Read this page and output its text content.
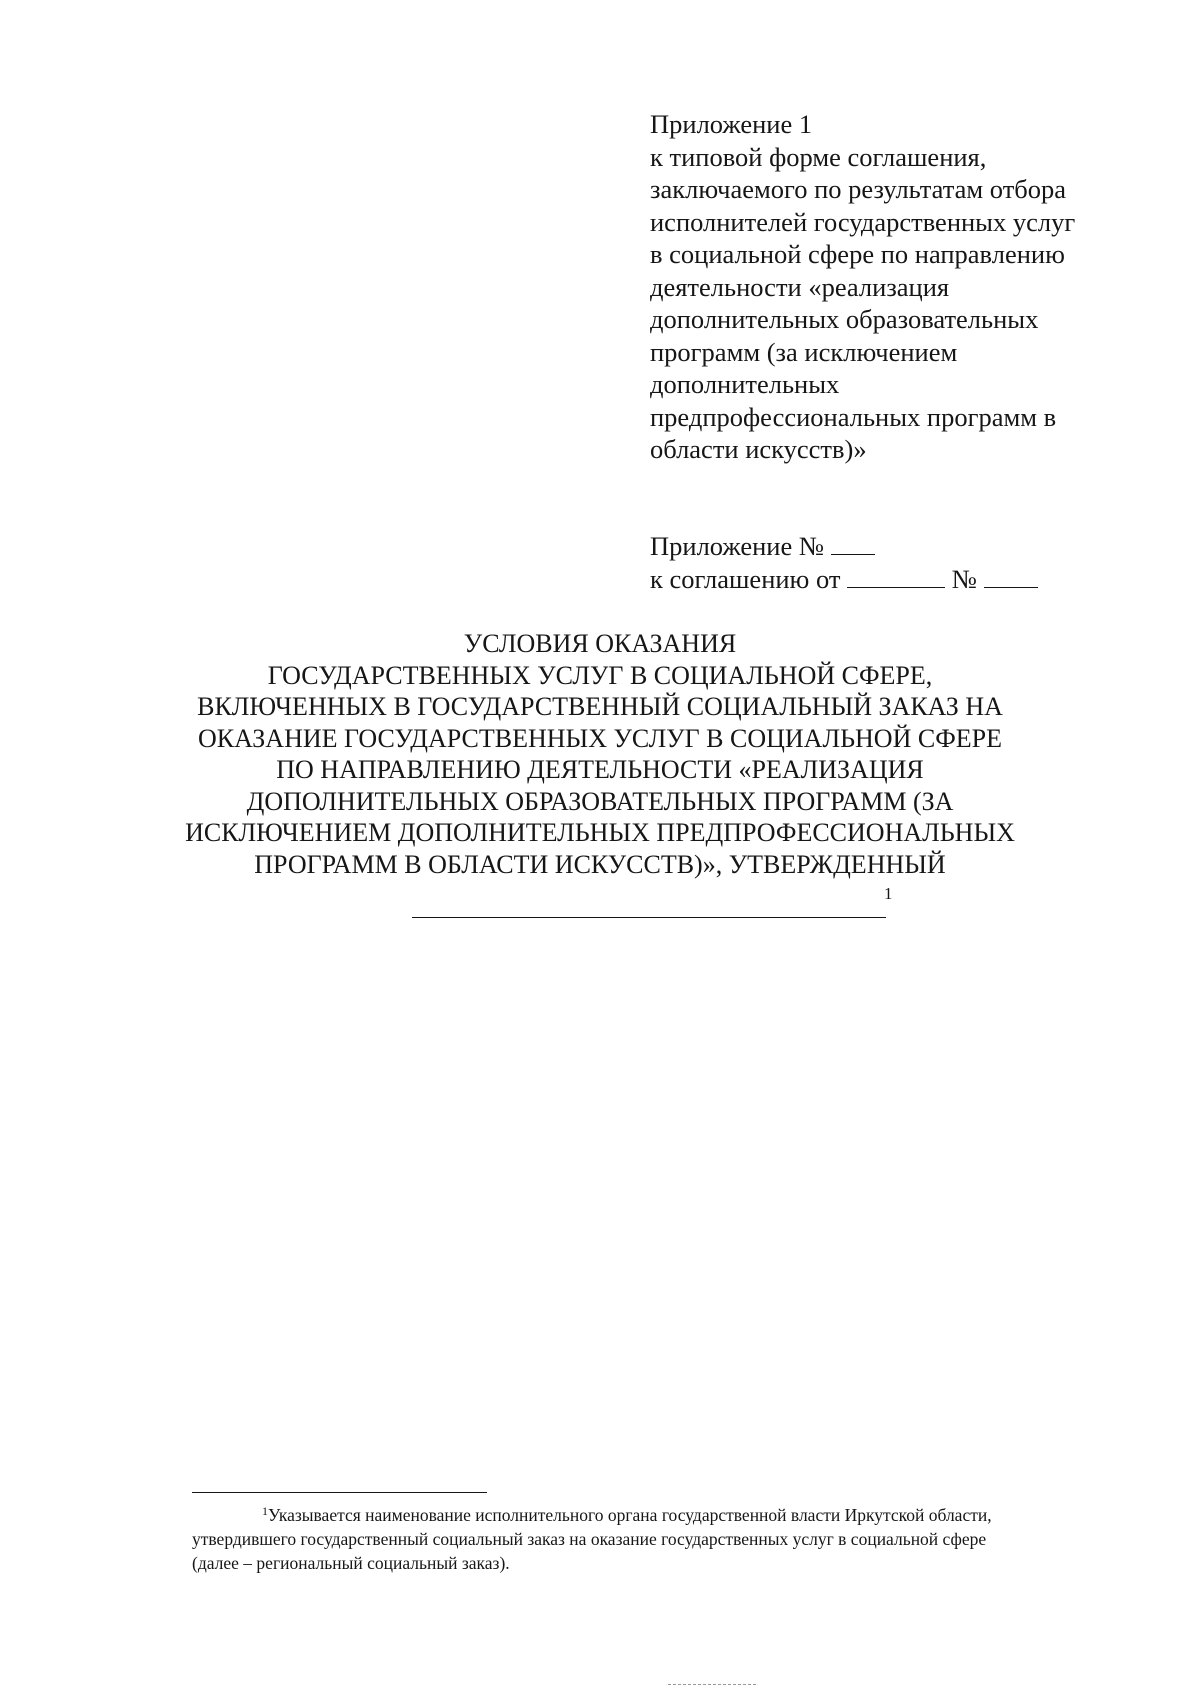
Приложение 1
к типовой форме соглашения,
заключаемого по результатам отбора
исполнителей государственных услуг
в социальной сфере по направлению
деятельности «реализация
дополнительных образовательных
программ (за исключением
дополнительных
предпрофессиональных программ в
области искусств)»
Приложение №
к соглашению от	№
УСЛОВИЯ ОКАЗАНИЯ
ГОСУДАРСТВЕННЫХ УСЛУГ В СОЦИАЛЬНОЙ СФЕРЕ,
ВКЛЮЧЕННЫХ В ГОСУДАРСТВЕННЫЙ СОЦИАЛЬНЫЙ ЗАКАЗ НА
ОКАЗАНИЕ ГОСУДАРСТВЕННЫХ УСЛУГ В СОЦИАЛЬНОЙ СФЕРЕ
ПО НАПРАВЛЕНИЮ ДЕЯТЕЛЬНОСТИ «РЕАЛИЗАЦИЯ
ДОПОЛНИТЕЛЬНЫХ ОБРАЗОВАТЕЛЬНЫХ ПРОГРАММ (ЗА
ИСКЛЮЧЕНИЕМ ДОПОЛНИТЕЛЬНЫХ ПРЕДПРОФЕССИОНАЛЬНЫХ
ПРОГРАММ В ОБЛАСТИ ИСКУССТВ)», УТВЕРЖДЕННЫЙ
1
$^1$Указывается наименование исполнительного органа государственной власти Иркутской области,
утвердившего государственный социальный заказ на оказание государственных услуг в социальной сфере
(далее – региональный социальный заказ).
